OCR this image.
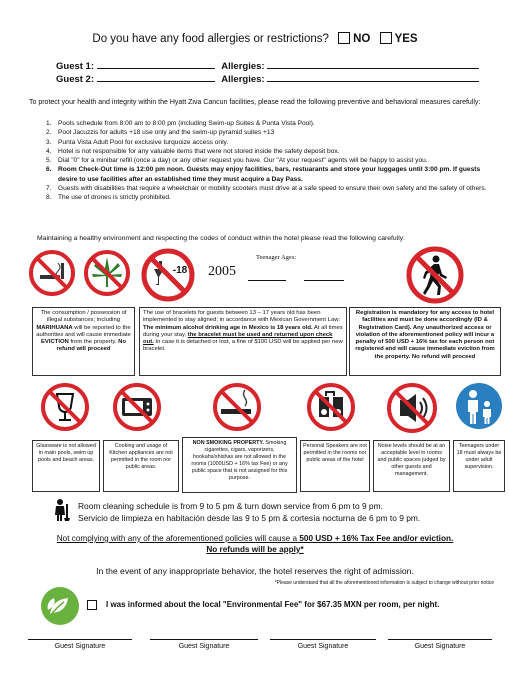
Do you have any food allergies or restrictions? NO YES
Guest 1:	Allergies:
Guest 2:	Allergies:
To protect your health and integrity within the Hyatt Ziva Cancun facilities, please read the following preventive and behavioral measures carefully:
1. Pools schedule from 8:00 am to 8:00 pm (including Swim-up Suites & Punta Vista Pool).
2. Pool Jacuzzis for adults +18 use only and the swim-up pyramid suites +13
3. Punta Vista Adult Pool for exclusive turquoize access only.
4. Hotel is not responsible for any valuable items that were not stored inside the safety deposit box.
5. Dial "0" for a minibar refill (once a day) or any other request you have. Our "At your request" agents will be happy to assist you.
6. Room Check-Out time is 12:00 pm noon. Guests may enjoy facilities, bars, restuarants and store your luggages until 3:00 pm. If guests desire to use facilities after an established time they must acquire a Day Pass.
7. Guests with disabilities that require a wheelchair or mobility scooters must drive at a safe speed to ensure their own safety and the safety of others.
8. The use of drones is strictly prohibited.
Maintaining a healthy environment and respecting the codes of conduct within the hotel please read the following carefully:
-18
Teenager Ages:
2005
The consumption / possession of illegal substances; including MARIHUANA will be reported to the authorities and will cause immediate EVICTION from the property. No refund will proceed
The use of bracelets for guests between 13 – 17 years old has been implemented to stay aligned; in accordance with Mexican Government Law: The minimum alcohol drinking age in Mexico is 18 years old. At all times during your stay, the bracelet must be used and returned upon check out. In case it is detached or lost, a fine of $100 USD will be applied per new bracelet.
Registration is mandatory for any access to hotel facilities and must be done accordingly (ID & Registration Card). Any unauthorized access or violation of the aforementioned policy will incur a penalty of 500 USD + 16% tax for each person not registered and will cause immediate eviction from the property. No refund will proceed
Glassware is not allowed in main pools, swim up pools and beach areas.
Cooking and usage of Kitchen appliances are not permitted in the room nor public areas.
NON SMOKING PROPERTY. Smoking cigarettes, cigars, vaporizers, hookahs/shishas are not allowed in the rooms (1000USD + 16% tax Fee) or any public space that is not assigned for this purpose.
Personal Speakers are not permitted in the rooms nor public areas of the hotel
Noise levels should be at an acceptable level in rooms and public spaces judged by other guests and management.
Teenagers under 18 must always be under adult supervision.
Room cleaning schedule is from 9 to 5 pm & turn down service from 6 pm to 9 pm.
Servicio de limpieza en habitación desde las 9 to 5 pm & cortesía nocturna de 6 pm to 9 pm.
Not complying with any of the aforementioned policies will cause a 500 USD + 16% Tax Fee and/or eviction.
No refunds will be apply*
In the event of any inappropriate behavior, the hotel reserves the right of admission.
*Please understand that all the aforementioned information is subject to change without prior notice
I was informed about the local "Environmental Fee" for $67.35 MXN per room, per night.
Guest Signature	Guest Signature	Guest Signature	Guest Signature
